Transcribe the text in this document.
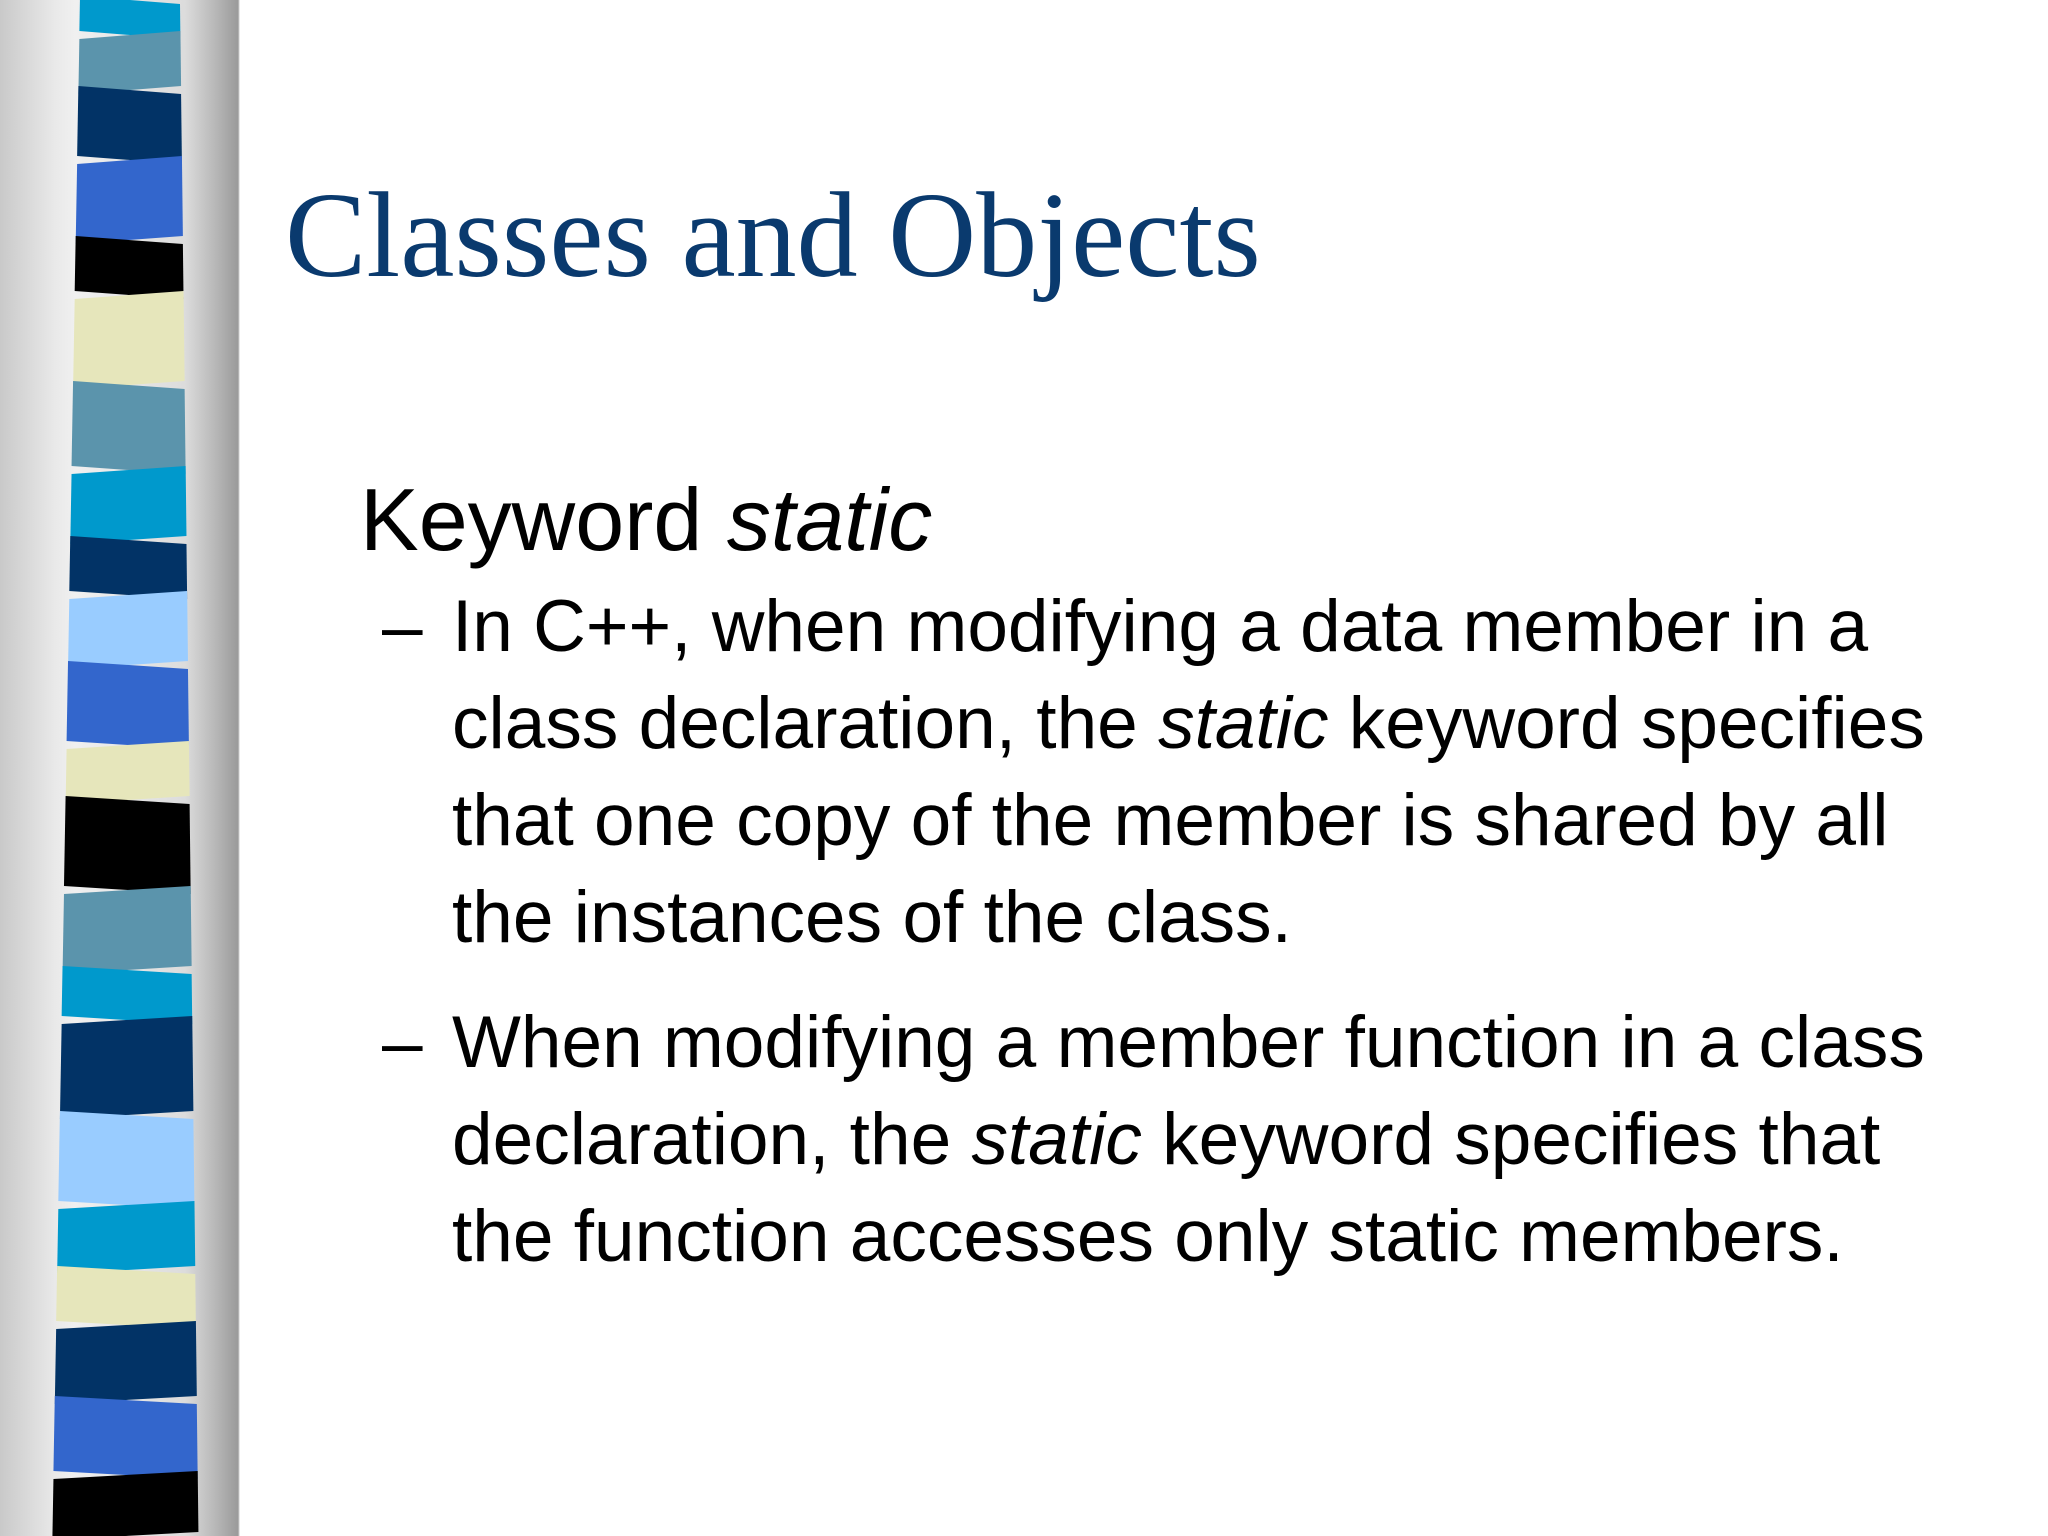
Classes and Objects

Keyword static

– In C++, when modifying a data member in a class declaration, the static keyword specifies that one copy of the member is shared by all the instances of the class.

– When modifying a member function in a class declaration, the static keyword specifies that the function accesses only static members.
